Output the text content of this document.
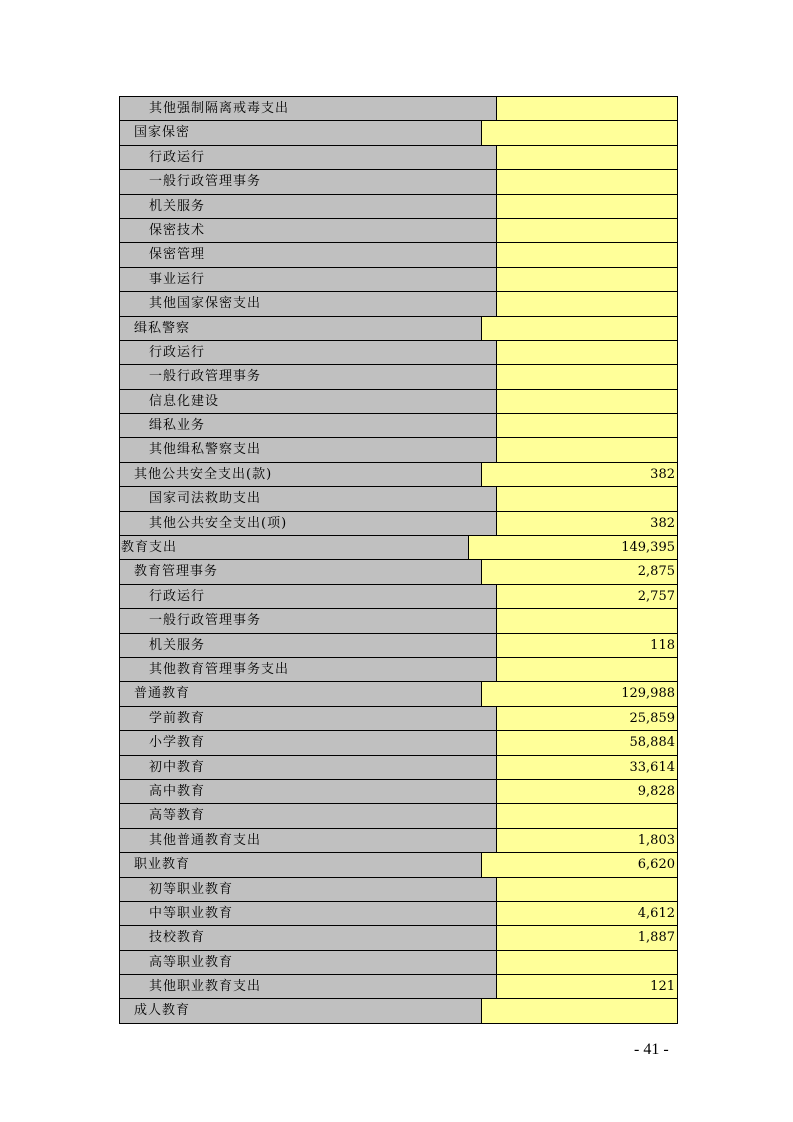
其他强制隔离戒毒支出
国家保密
行政运行
一般行政管理事务
机关服务
保密技术
保密管理
事业运行
其他国家保密支出
缉私警察
行政运行
一般行政管理事务
信息化建设
缉私业务
其他缉私警察支出
其他公共安全支出(款)	382
国家司法救助支出
其他公共安全支出(项)	382
教育支出	149,395
教育管理事务	2,875
行政运行	2,757
一般行政管理事务
机关服务	118
其他教育管理事务支出
普通教育	129,988
学前教育	25,859
小学教育	58,884
初中教育	33,614
高中教育	9,828
高等教育
其他普通教育支出	1,803
职业教育	6,620
初等职业教育
中等职业教育	4,612
技校教育	1,887
高等职业教育
其他职业教育支出	121
成人教育
- 41 -
